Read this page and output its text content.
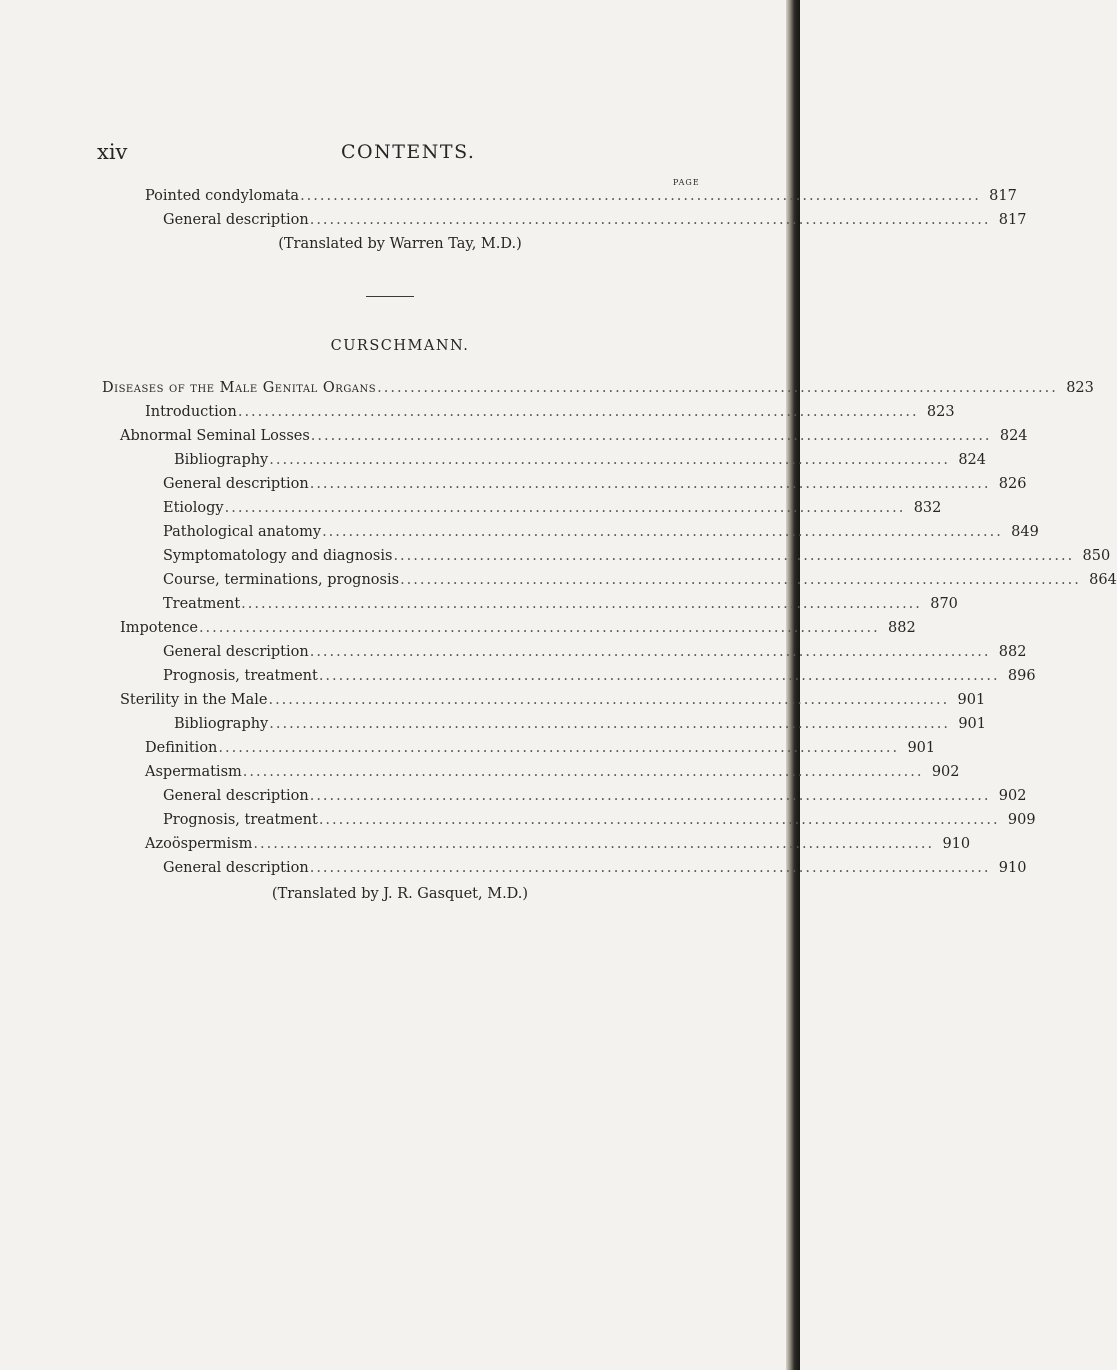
xiv	CONTENTS.
PAGE
Pointed condylomata ....................................................................................................... 817
General description ....................................................................................................... 817
(Translated by Warren Tay, M.D.)
CURSCHMANN.
Diseases of the Male Genital Organs ....................................................................................................... 823
Introduction ....................................................................................................... 823
Abnormal Seminal Losses ....................................................................................................... 824
Bibliography ....................................................................................................... 824
General description ....................................................................................................... 826
Etiology ....................................................................................................... 832
Pathological anatomy ....................................................................................................... 849
Symptomatology and diagnosis ....................................................................................................... 850
Course, terminations, prognosis ....................................................................................................... 864
Treatment ....................................................................................................... 870
Impotence ....................................................................................................... 882
General description ....................................................................................................... 882
Prognosis, treatment ....................................................................................................... 896
Sterility in the Male ....................................................................................................... 901
Bibliography ....................................................................................................... 901
Definition ....................................................................................................... 901
Aspermatism ....................................................................................................... 902
General description ....................................................................................................... 902
Prognosis, treatment ....................................................................................................... 909
Azoöspermism ....................................................................................................... 910
General description ....................................................................................................... 910
(Translated by J. R. Gasquet, M.D.)
